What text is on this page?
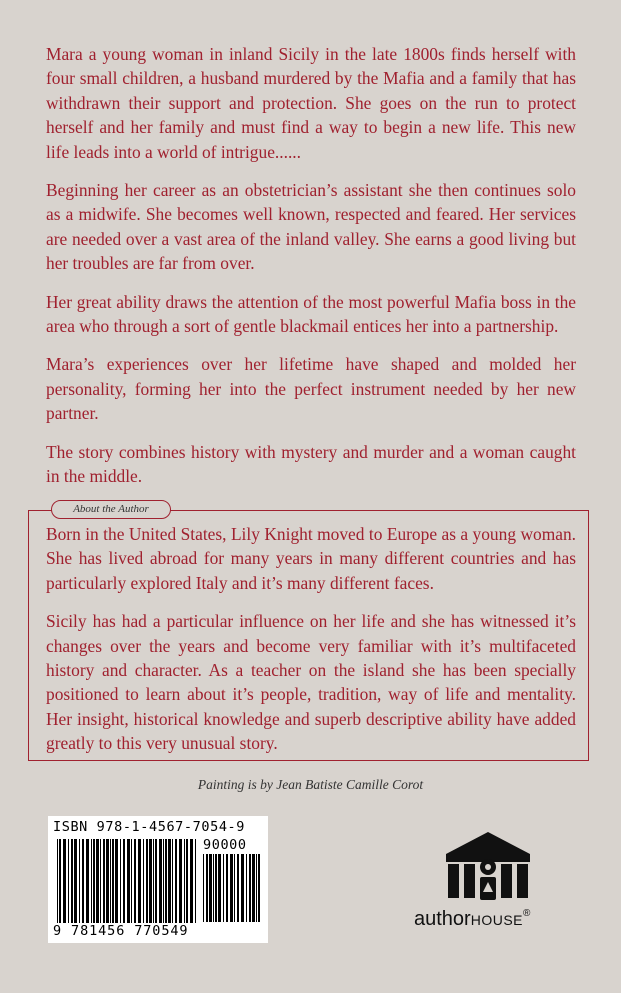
Mara a young woman in inland Sicily in the late 1800s finds herself with four small children, a husband murdered by the Mafia and a family that has withdrawn their support and protection. She goes on the run to protect herself and her family and must find a way to begin a new life. This new life leads into a world of intrigue......

Beginning her career as an obstetrician’s assistant she then continues solo as a midwife. She becomes well known, respected and feared. Her services are needed over a vast area of the inland valley. She earns a good living but her troubles are far from over.

Her great ability draws the attention of the most powerful Mafia boss in the area who through a sort of gentle blackmail entices her into a partnership.

Mara’s experiences over her lifetime have shaped and molded her personality, forming her into the perfect instrument needed by her new partner.

The story combines history with mystery and murder and a woman caught in the middle.

About the Author

Born in the United States, Lily Knight moved to Europe as a young woman. She has lived abroad for many years in many different countries and has particularly explored Italy and it’s many different faces.

Sicily has had a particular influence on her life and she has witnessed it’s changes over the years and become very familiar with it’s multifaceted history and character. As a teacher on the island she has been specially positioned to learn about it’s people, tradition, way of life and mentality. Her insight, historical knowledge and superb descriptive ability have added greatly to this very unusual story.

Painting is by Jean Batiste Camille Corot
ISBN 978-1-4567-7054-9
90000
9 781456 770549
authorHOUSE®
